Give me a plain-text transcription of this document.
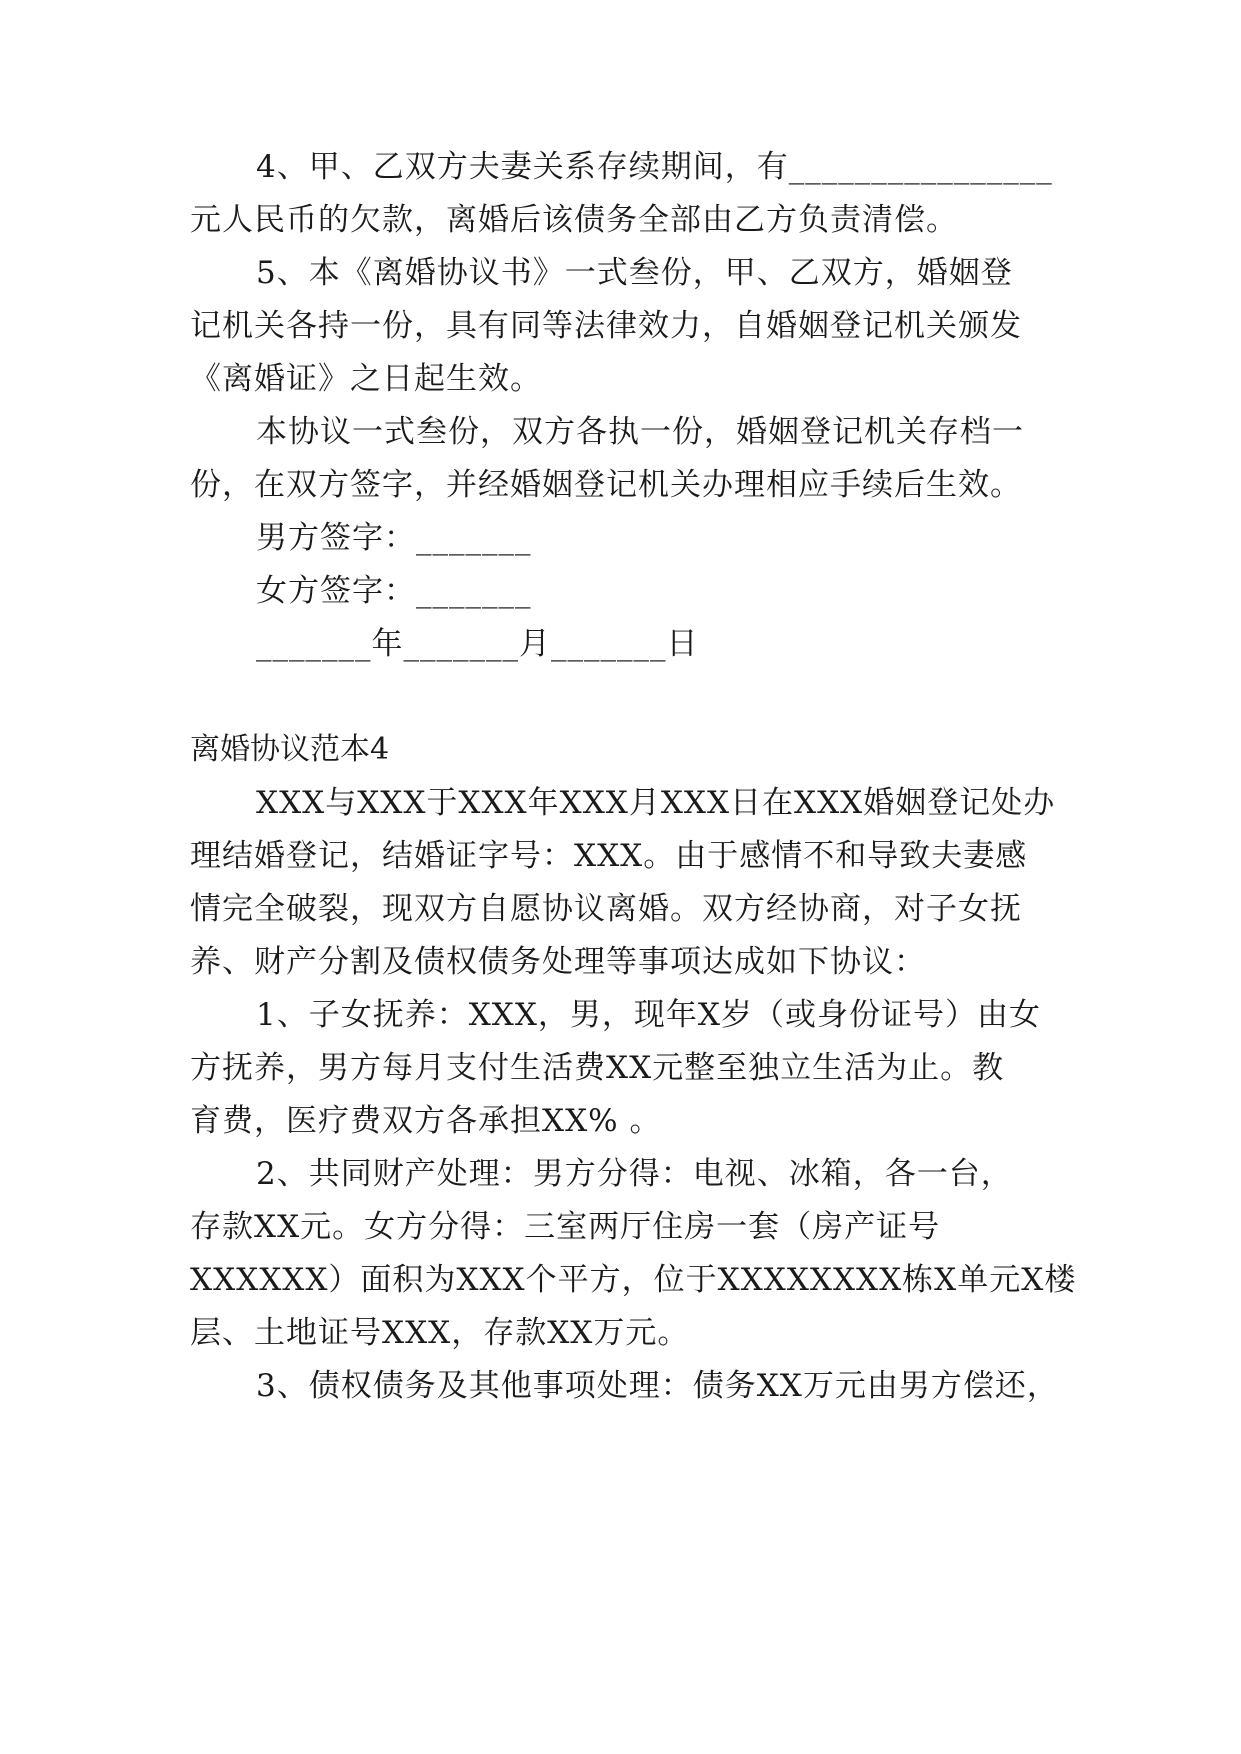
4、甲、乙双方夫妻关系存续期间，有________________
元人民币的欠款，离婚后该债务全部由乙方负责清偿。
5、本《离婚协议书》一式叁份，甲、乙双方，婚姻登
记机关各持一份，具有同等法律效力，自婚姻登记机关颁发
《离婚证》之日起生效。
本协议一式叁份，双方各执一份，婚姻登记机关存档一
份，在双方签字，并经婚姻登记机关办理相应手续后生效。
男方签字：_______
女方签字：_______
_______年_______月_______日
离婚协议范本4
XXX与XXX于XXX年XXX月XXX日在XXX婚姻登记处办
理结婚登记，结婚证字号：XXX。由于感情不和导致夫妻感
情完全破裂，现双方自愿协议离婚。双方经协商，对子女抚
养、财产分割及债权债务处理等事项达成如下协议：
1、子女抚养：XXX，男，现年X岁（或身份证号）由女
方抚养，男方每月支付生活费XX元整至独立生活为止。教
育费，医疗费双方各承担XX% 。
2、共同财产处理：男方分得：电视、冰箱，各一台，
存款XX元。女方分得：三室两厅住房一套（房产证号
XXXXXX）面积为XXX个平方，位于XXXXXXXX栋X单元X楼
层、土地证号XXX，存款XX万元。
3、债权债务及其他事项处理：债务XX万元由男方偿还，
